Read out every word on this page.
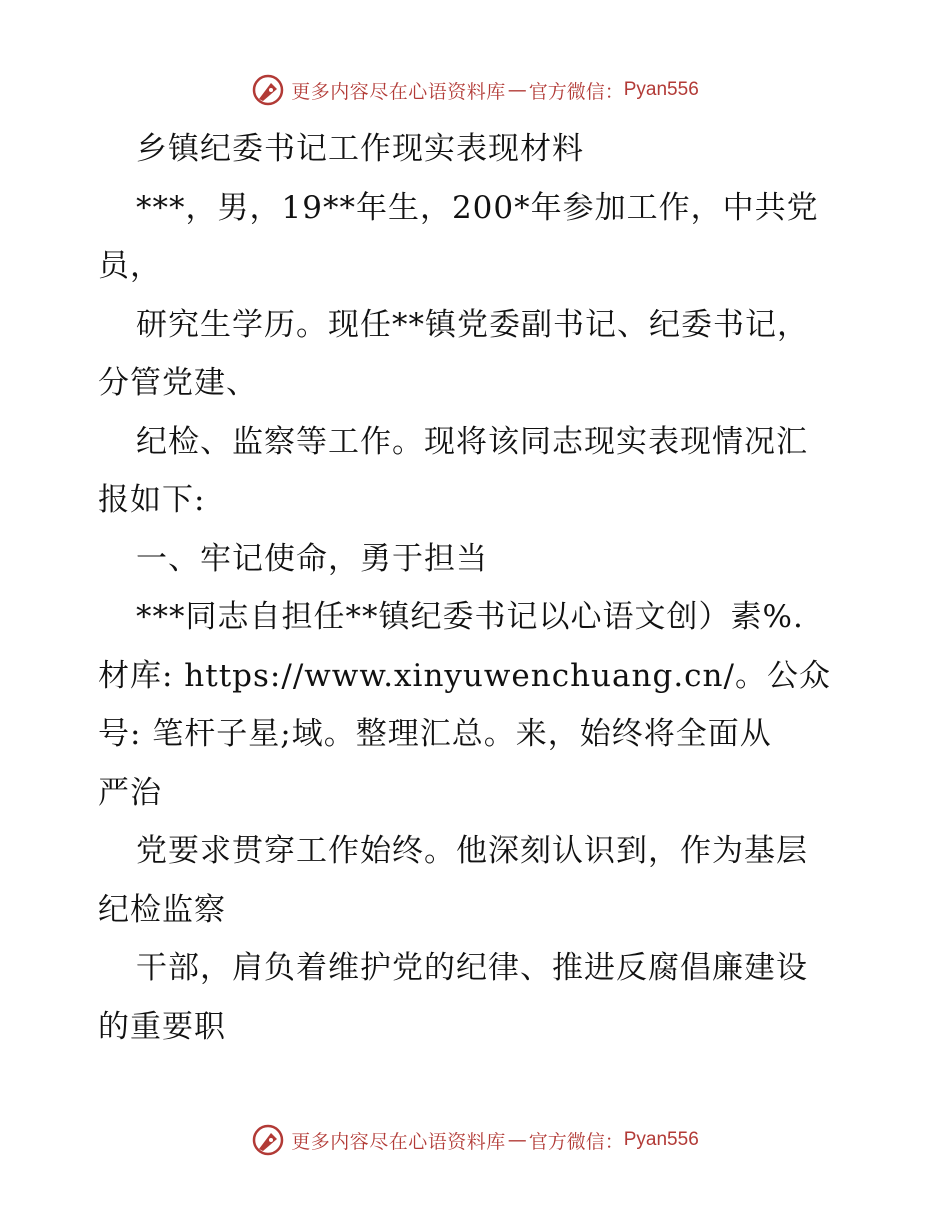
更多内容尽在心语资料库 — 官方微信： Pyan556
乡镇纪委书记工作现实表现材料
***，男，19**年生，200*年参加工作，中共党
员，
研究生学历。现任**镇党委副书记、纪委书记，
分管党建、
纪检、监察等工作。现将该同志现实表现情况汇
报如下:
一、牢记使命，勇于担当
***同志自担任**镇纪委书记以心语文创）素%.
材库: https://www.xinyuwenchuang.cn/。公众
号: 笔杆子星;域。整理汇总。来，始终将全面从
严治
党要求贯穿工作始终。他深刻认识到，作为基层
纪检监察
干部，肩负着维护党的纪律、推进反腐倡廉建设
的重要职
更多内容尽在心语资料库 — 官方微信： Pyan556
